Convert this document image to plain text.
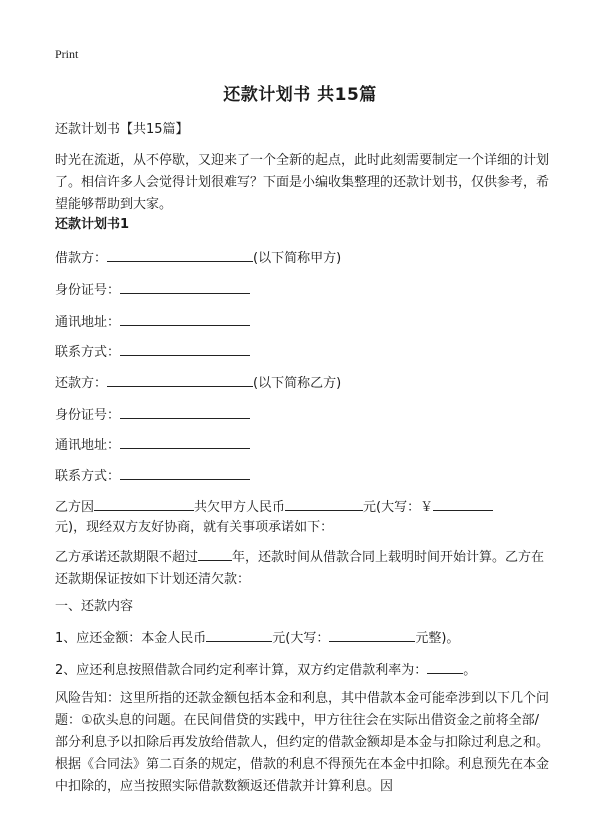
Print
还款计划书 共15篇
还款计划书【共15篇】
时光在流逝，从不停歇，又迎来了一个全新的起点，此时此刻需要制定一个详细的计划了。相信许多人会觉得计划很难写？下面是小编收集整理的还款计划书，仅供参考，希望能够帮助到大家。
还款计划书1
借款方：	(以下简称甲方)
身份证号：
通讯地址：
联系方式：
还款方：	(以下简称乙方)
身份证号：
通讯地址：
联系方式：
乙方因	共欠甲方人民币	元(大写：￥
元)，现经双方友好协商，就有关事项承诺如下：
乙方承诺还款期限不超过	年，还款时间从借款合同上载明时间开始计算。乙方在还款期保证按如下计划还清欠款：
一、还款内容
1、应还金额：本金人民币	元(大写：	元整)。
2、应还利息按照借款合同约定利率计算，双方约定借款利率为：	。
风险告知：这里所指的还款金额包括本金和利息，其中借款本金可能牵涉到以下几个问题：①砍头息的问题。在民间借贷的实践中，甲方往往会在实际出借资金之前将全部/部分利息予以扣除后再发放给借款人，但约定的借款金额却是本金与扣除过利息之和。根据《合同法》第二百条的规定，借款的利息不得预先在本金中扣除。利息预先在本金中扣除的，应当按照实际借款数额返还借款并计算利息。因
